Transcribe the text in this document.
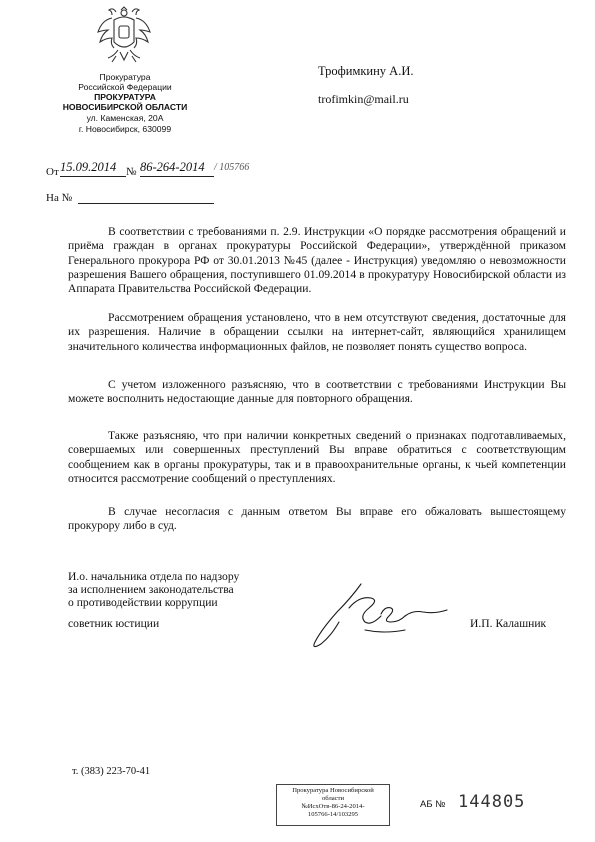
Прокуратура
Российской Федерации
ПРОКУРАТУРА
НОВОСИБИРСКОЙ ОБЛАСТИ
ул. Каменская, 20А
г. Новосибирск, 630099
Трофимкину А.И.
trofimkin@mail.ru
От 15.09.2014 № 86-264-2014 / 105766
На №
В соответствии с требованиями п. 2.9. Инструкции «О порядке рассмотрения обращений и приёма граждан в органах прокуратуры Российской Федерации», утверждённой приказом Генерального прокурора РФ от 30.01.2013 №45 (далее - Инструкция) уведомляю о невозможности разрешения Вашего обращения, поступившего 01.09.2014 в прокуратуру Новосибирской области из Аппарата Правительства Российской Федерации.
Рассмотрением обращения установлено, что в нем отсутствуют сведения, достаточные для их разрешения. Наличие в обращении ссылки на интернет-сайт, являющийся хранилищем значительного количества информационных файлов, не позволяет понять существо вопроса.
С учетом изложенного разъясняю, что в соответствии с требованиями Инструкции Вы можете восполнить недостающие данные для повторного обращения.
Также разъясняю, что при наличии конкретных сведений о признаках подготавливаемых, совершаемых или совершенных преступлений Вы вправе обратиться с соответствующим сообщением как в органы прокуратуры, так и в правоохранительные органы, к чьей компетенции относится рассмотрение сообщений о преступлениях.
В случае несогласия с данным ответом Вы вправе его обжаловать вышестоящему прокурору либо в суд.
И.о. начальника отдела по надзору
за исполнением законодательства
о противодействии коррупции
советник юстиции	И.П. Калашник
т. (383) 223-70-41
Прокуратура Новосибирской
области
№ИсхОтв-86-24-2014-
105766-14/103295
АБ № 144805
